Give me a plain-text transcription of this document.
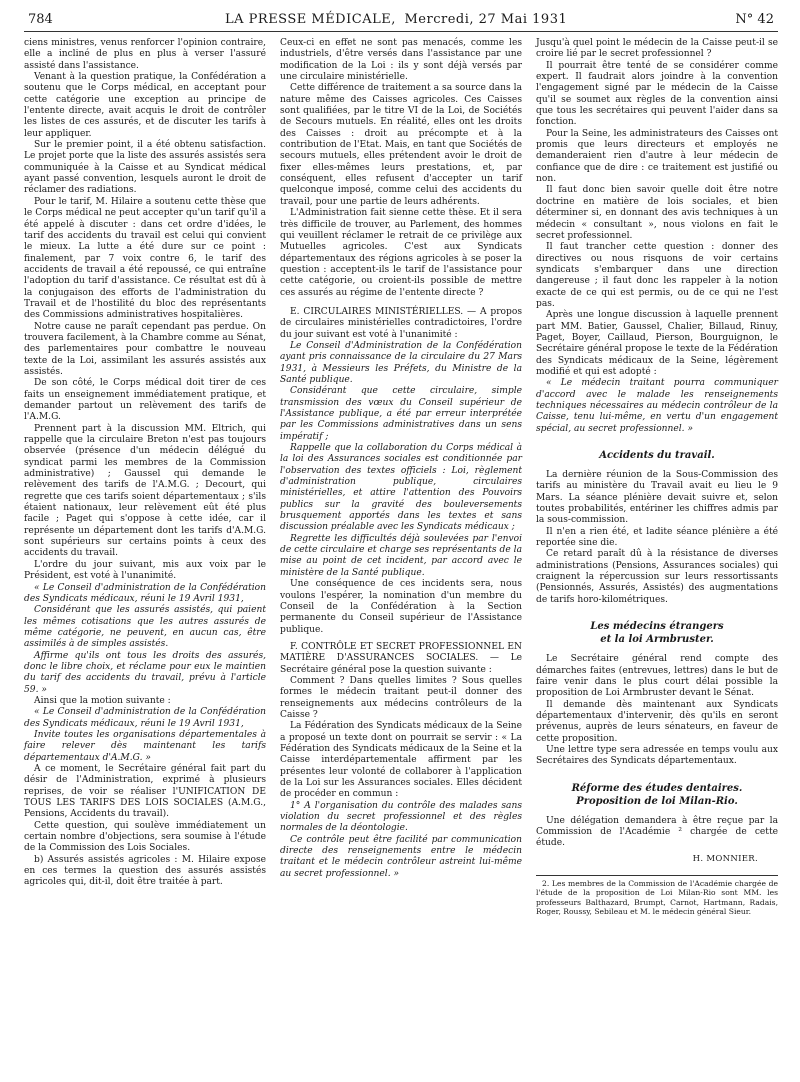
784	LA PRESSE MÉDICALE, Mercredi, 27 Mai 1931	N° 42

ciens ministres, venus renforcer l'opinion contraire, elle a incliné de plus en plus à verser l'assuré assisté dans l'assistance.

Venant à la question pratique, la Confédération a soutenu que le Corps médical, en acceptant pour cette catégorie une exception au principe de l'entente directe, avait acquis le droit de contrôler les listes de ces assurés, et de discuter les tarifs à leur appliquer.

Sur le premier point, il a été obtenu satisfaction. Le projet porte que la liste des assurés assistés sera communiquée à la Caisse et au Syndicat médical ayant passé convention, lesquels auront le droit de réclamer des radiations.

Pour le tarif, M. Hilaire a soutenu cette thèse que le Corps médical ne peut accepter qu'un tarif qu'il a été appelé à discuter : dans cet ordre d'idées, le tarif des accidents du travail est celui qui convient le mieux. La lutte a été dure sur ce point : finalement, par 7 voix contre 6, le tarif des accidents de travail a été repoussé, ce qui entraîne l'adoption du tarif d'assistance. Ce résultat est dû à la conjugaison des efforts de l'administration du Travail et de l'hostilité du bloc des représentants des Commissions administratives hospitalières.

Notre cause ne paraît cependant pas perdue. On trouvera facilement, à la Chambre comme au Sénat, des parlementaires pour combattre le nouveau texte de la Loi, assimilant les assurés assistés aux assistés.

De son côté, le Corps médical doit tirer de ces faits un enseignement immédiatement pratique, et demander partout un relèvement des tarifs de l'A.M.G.

Prennent part à la discussion MM. Eltrich, qui rappelle que la circulaire Breton n'est pas toujours observée (présence d'un médecin délégué du syndicat parmi les membres de la Commission administrative) ; Gaussel qui demande le relèvement des tarifs de l'A.M.G. ; Decourt, qui regrette que ces tarifs soient départementaux ; s'ils étaient nationaux, leur relèvement eût été plus facile ; Paget qui s'oppose à cette idée, car il représente un département dont les tarifs d'A.M.G. sont supérieurs sur certains points à ceux des accidents du travail.

L'ordre du jour suivant, mis aux voix par le Président, est voté à l'unanimité.

« Le Conseil d'administration de la Confédération des Syndicats médicaux, réuni le 19 Avril 1931,

Considérant que les assurés assistés, qui paient les mêmes cotisations que les autres assurés de même catégorie, ne peuvent, en aucun cas, être assimilés à de simples assistés.

Affirme qu'ils ont tous les droits des assurés, donc le libre choix, et réclame pour eux le maintien du tarif des accidents du travail, prévu à l'article 59. »

Ainsi que la motion suivante :

« Le Conseil d'administration de la Confédération des Syndicats médicaux, réuni le 19 Avril 1931,

Invite toutes les organisations départementales à faire relever dès maintenant les tarifs départementaux d'A.M.G. »

A ce moment, le Secrétaire général fait part du désir de l'Administration, exprimé à plusieurs reprises, de voir se réaliser l'UNIFICATION DE TOUS LES TARIFS DES LOIS SOCIALES (A.M.G., Pensions, Accidents du travail).

Cette question, qui soulève immédiatement un certain nombre d'objections, sera soumise à l'étude de la Commission des Lois Sociales.

b) Assurés assistés agricoles : M. Hilaire expose en ces termes la question des assurés assistés agricoles qui, dit-il, doit être traitée à part.

Ceux-ci en effet ne sont pas menacés, comme les industriels, d'être versés dans l'assistance par une modification de la Loi : ils y sont déjà versés par une circulaire ministérielle.

Cette différence de traitement a sa source dans la nature même des Caisses agricoles. Ces Caisses sont qualifiées, par le titre VI de la Loi, de Sociétés de Secours mutuels. En réalité, elles ont les droits des Caisses : droit au précompte et à la contribution de l'Etat. Mais, en tant que Sociétés de secours mutuels, elles prétendent avoir le droit de fixer elles-mêmes leurs prestations, et, par conséquent, elles refusent d'accepter un tarif quelconque imposé, comme celui des accidents du travail, pour une partie de leurs adhérents.

L'Administration fait sienne cette thèse. Et il sera très difficile de trouver, au Parlement, des hommes qui veuillent réclamer le retrait de ce privilège aux Mutuelles agricoles. C'est aux Syndicats départementaux des régions agricoles à se poser la question : acceptent-ils le tarif de l'assistance pour cette catégorie, ou croient-ils possible de mettre ces assurés au régime de l'entente directe ?

E. CIRCULAIRES MINISTÉRIELLES. — A propos de circulaires ministérielles contradictoires, l'ordre du jour suivant est voté à l'unanimité :

Le Conseil d'Administration de la Confédération ayant pris connaissance de la circulaire du 27 Mars 1931, à Messieurs les Préfets, du Ministre de la Santé publique.

Considérant que cette circulaire, simple transmission des vœux du Conseil supérieur de l'Assistance publique, a été par erreur interprétée par les Commissions administratives dans un sens impératif ;

Rappelle que la collaboration du Corps médical à la loi des Assurances sociales est conditionnée par l'observation des textes officiels : Loi, règlement d'administration publique, circulaires ministérielles, et attire l'attention des Pouvoirs publics sur la gravité des bouleversements brusquement apportés dans les textes et sans discussion préalable avec les Syndicats médicaux ;

Regrette les difficultés déjà soulevées par l'envoi de cette circulaire et charge ses représentants de la mise au point de cet incident, par accord avec le ministère de la Santé publique.

Une conséquence de ces incidents sera, nous voulons l'espérer, la nomination d'un membre du Conseil de la Confédération à la Section permanente du Conseil supérieur de l'Assistance publique.

F. CONTRÔLE ET SECRET PROFESSIONNEL EN MATIÈRE D'ASSURANCES SOCIALES. — Le Secrétaire général pose la question suivante :

Comment ? Dans quelles limites ? Sous quelles formes le médecin traitant peut-il donner des renseignements aux médecins contrôleurs de la Caisse ?

La Fédération des Syndicats médicaux de la Seine a proposé un texte dont on pourrait se servir : « La Fédération des Syndicats médicaux de la Seine et la Caisse interdépartementale affirment par les présentes leur volonté de collaborer à l'application de la Loi sur les Assurances sociales. Elles décident de procéder en commun :

1° A l'organisation du contrôle des malades sans violation du secret professionnel et des règles normales de la déontologie.

Ce contrôle peut être facilité par communication directe des renseignements entre le médecin traitant et le médecin contrôleur astreint lui-même au secret professionnel. »

Jusqu'à quel point le médecin de la Caisse peut-il se croire lié par le secret professionnel ?

Il pourrait être tenté de se considérer comme expert. Il faudrait alors joindre à la convention l'engagement signé par le médecin de la Caisse qu'il se soumet aux règles de la convention ainsi que tous les secrétaires qui peuvent l'aider dans sa fonction.

Pour la Seine, les administrateurs des Caisses ont promis que leurs directeurs et employés ne demanderaient rien d'autre à leur médecin de confiance que de dire : ce traitement est justifié ou non.

Il faut donc bien savoir quelle doit être notre doctrine en matière de lois sociales, et bien déterminer si, en donnant des avis techniques à un médecin « consultant », nous violons en fait le secret professionnel.

Il faut trancher cette question : donner des directives ou nous risquons de voir certains syndicats s'embarquer dans une direction dangereuse ; il faut donc les rappeler à la notion exacte de ce qui est permis, ou de ce qui ne l'est pas.

Après une longue discussion à laquelle prennent part MM. Batier, Gaussel, Chalier, Billaud, Rinuy, Paget, Boyer, Caillaud, Pierson, Bourguignon, le Secrétaire général propose le texte de la Fédération des Syndicats médicaux de la Seine, légèrement modifié et qui est adopté :

« Le médecin traitant pourra communiquer d'accord avec le malade les renseignements techniques nécessaires au médecin contrôleur de la Caisse, tenu lui-même, en vertu d'un engagement spécial, au secret professionnel. »

Accidents du travail.

La dernière réunion de la Sous-Commission des tarifs au ministère du Travail avait eu lieu le 9 Mars. La séance plénière devait suivre et, selon toutes probabilités, entériner les chiffres admis par la sous-commission.

Il n'en a rien été, et ladite séance plénière a été reportée sine die.

Ce retard paraît dû à la résistance de diverses administrations (Pensions, Assurances sociales) qui craignent la répercussion sur leurs ressortissants (Pensionnés, Assurés, Assistés) des augmentations de tarifs horo-kilométriques.

Les médecins étrangers
et la loi Armbruster.

Le Secrétaire général rend compte des démarches faites (entrevues, lettres) dans le but de faire venir dans le plus court délai possible la proposition de Loi Armbruster devant le Sénat.

Il demande dès maintenant aux Syndicats départementaux d'intervenir, dès qu'ils en seront prévenus, auprès de leurs sénateurs, en faveur de cette proposition.

Une lettre type sera adressée en temps voulu aux Secrétaires des Syndicats départementaux.

Réforme des études dentaires.
Proposition de loi Milan-Rio.

Une délégation demandera à être reçue par la Commission de l'Académie ² chargée de cette étude.

H. MONNIER.

2. Les membres de la Commission de l'Académie chargée de l'étude de la proposition de Loi Milan-Rio sont MM. les professeurs Balthazard, Brumpt, Carnot, Hartmann, Radais, Roger, Roussy, Sebileau et M. le médecin général Sieur.
